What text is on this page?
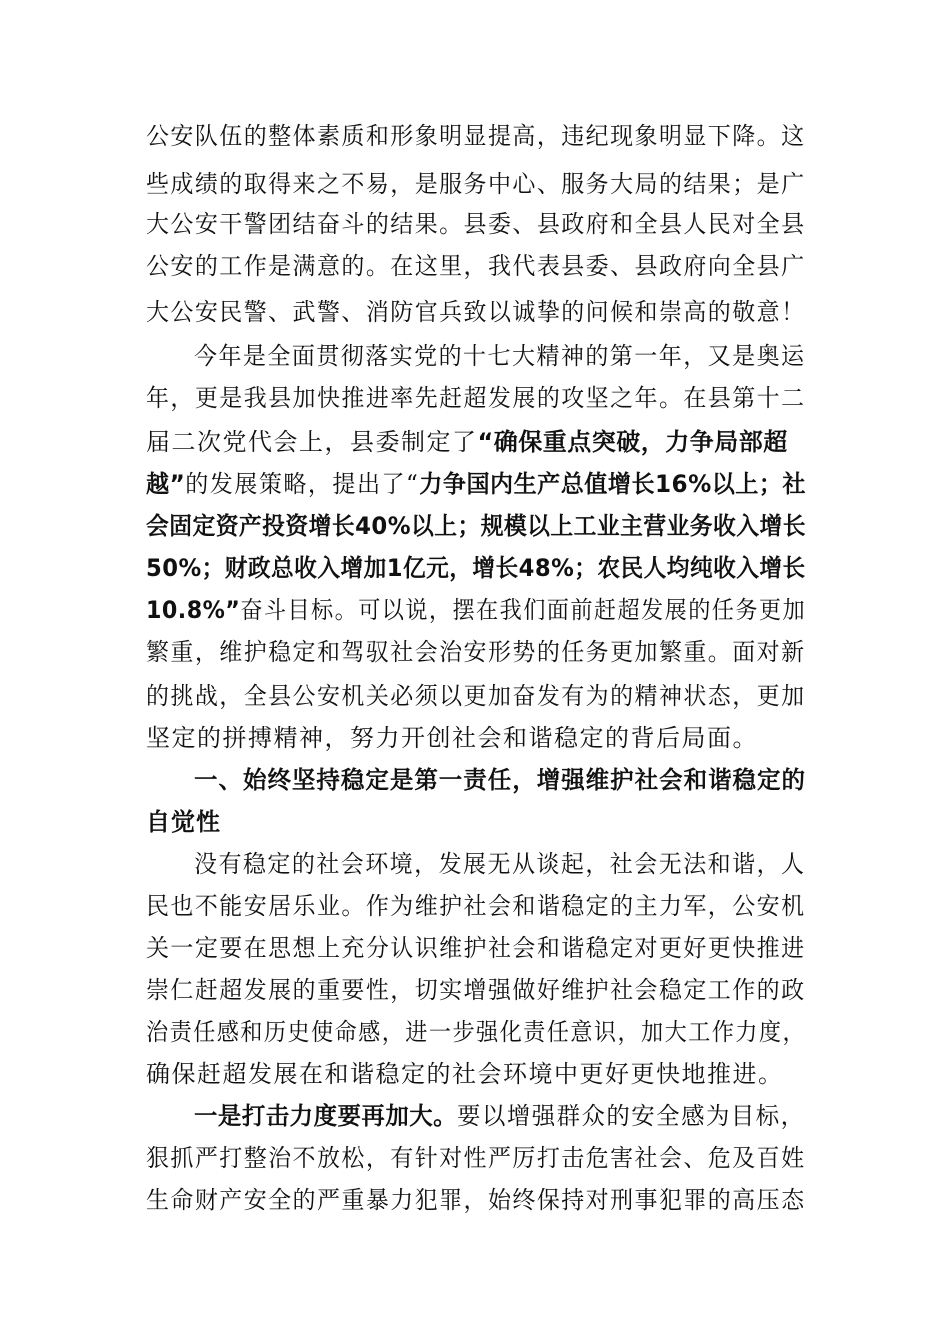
公安队伍的整体素质和形象明显提高，违纪现象明显下降。这
些成绩的取得来之不易，是服务中心、服务大局的结果；是广
大公安干警团结奋斗的结果。县委、县政府和全县人民对全县
公安的工作是满意的。在这里，我代表县委、县政府向全县广
大公安民警、武警、消防官兵致以诚挚的问候和崇高的敬意！
今年是全面贯彻落实党的十七大精神的第一年，又是奥运
年，更是我县加快推进率先赶超发展的攻坚之年。在县第十二
届二次党代会上，县委制定了“确保重点突破，力争局部超
越”的发展策略，提出了“力争国内生产总值增长16%以上；社
会固定资产投资增长40%以上；规模以上工业主营业务收入增长
50%；财政总收入增加1亿元，增长48%；农民人均纯收入增长
10.8%”奋斗目标。可以说，摆在我们面前赶超发展的任务更加
繁重，维护稳定和驾驭社会治安形势的任务更加繁重。面对新
的挑战，全县公安机关必须以更加奋发有为的精神状态，更加
坚定的拼搏精神，努力开创社会和谐稳定的背后局面。
一、始终坚持稳定是第一责任，增强维护社会和谐稳定的
自觉性
没有稳定的社会环境，发展无从谈起，社会无法和谐，人
民也不能安居乐业。作为维护社会和谐稳定的主力军，公安机
关一定要在思想上充分认识维护社会和谐稳定对更好更快推进
崇仁赶超发展的重要性，切实增强做好维护社会稳定工作的政
治责任感和历史使命感，进一步强化责任意识，加大工作力度，
确保赶超发展在和谐稳定的社会环境中更好更快地推进。
一是打击力度要再加大。要以增强群众的安全感为目标，
狠抓严打整治不放松，有针对性严厉打击危害社会、危及百姓
生命财产安全的严重暴力犯罪，始终保持对刑事犯罪的高压态
